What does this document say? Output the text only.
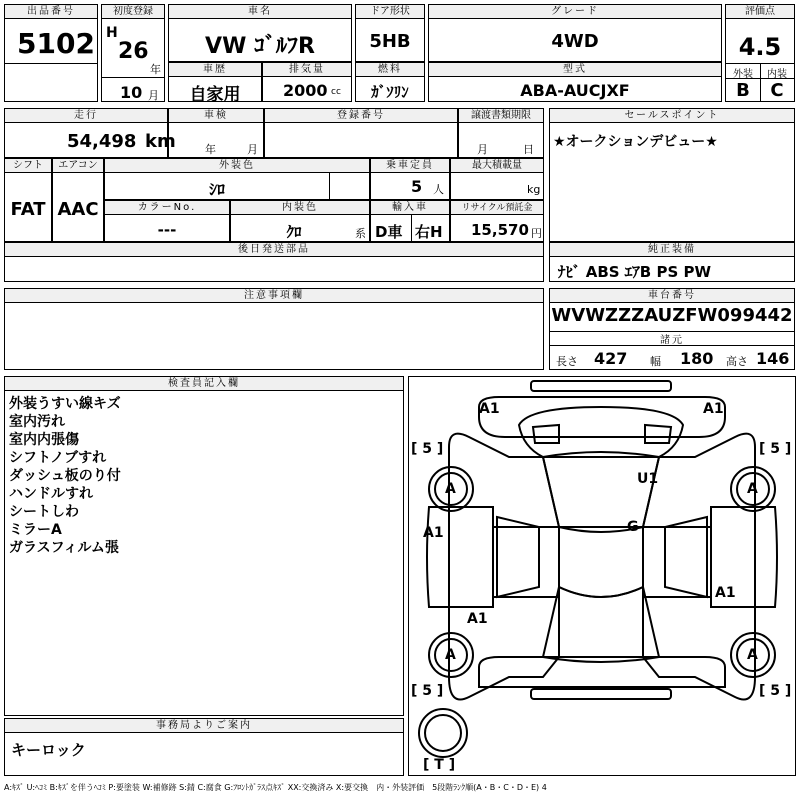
出品番号
5102
初度登録
H
26
年
10 月
車名
VW ｺﾞﾙﾌR
ドア形状
5HB
グレード
4WD
評価点
4.5
外装	内装
B	C
車歴
自家用
排気量
2000 cc
燃料
ｶﾞｿﾘﾝ
型式
ABA-AUCJXF
走行
54,498 km
車検
年	月
登録番号	譲渡書類期限
月	日
シフト
FAT
エアコン
AAC
外装色
ｼﾛ
乗車定員
5 人
最大積載量
kg
カラーNo.
---
内装色
ｸﾛ	系
輸入車
D車 右H
リサイクル預託金
15,570 円
後日発送部品
注意事項欄
セールスポイント
★オークションデビュー★
純正装備
ﾅﾋﾞ ABS ｴｱB PS PW
車台番号
WVWZZZAUZFW099442
諸元
長さ 427 幅 180 高さ 146
検査員記入欄
外装うすい線キズ
室内汚れ
室内内張傷
シフトノブすれ
ダッシュ板のり付
ハンドルすれ
シートしわ
ミラーA
ガラスフィルム張
事務局よりご案内
キーロック
A1	A1
[ 5 ]	[ 5 ]
A	A
U1
G
A1
A1
A1
A	A
[ 5 ]	[ 5 ]
[ T ]
A:ｷｽﾞ U:ﾍｺﾐ B:ｷｽﾞを伴うﾍｺﾐ P:要塗装 W:補修跡 S:錆 C:腐食 G:ﾌﾛﾝﾄｶﾞﾗｽ点ｷｽﾞ XX:交換済み X:要交換　内・外装評価　5段階ﾗﾝｸ順(A・B・C・D・E) 4
